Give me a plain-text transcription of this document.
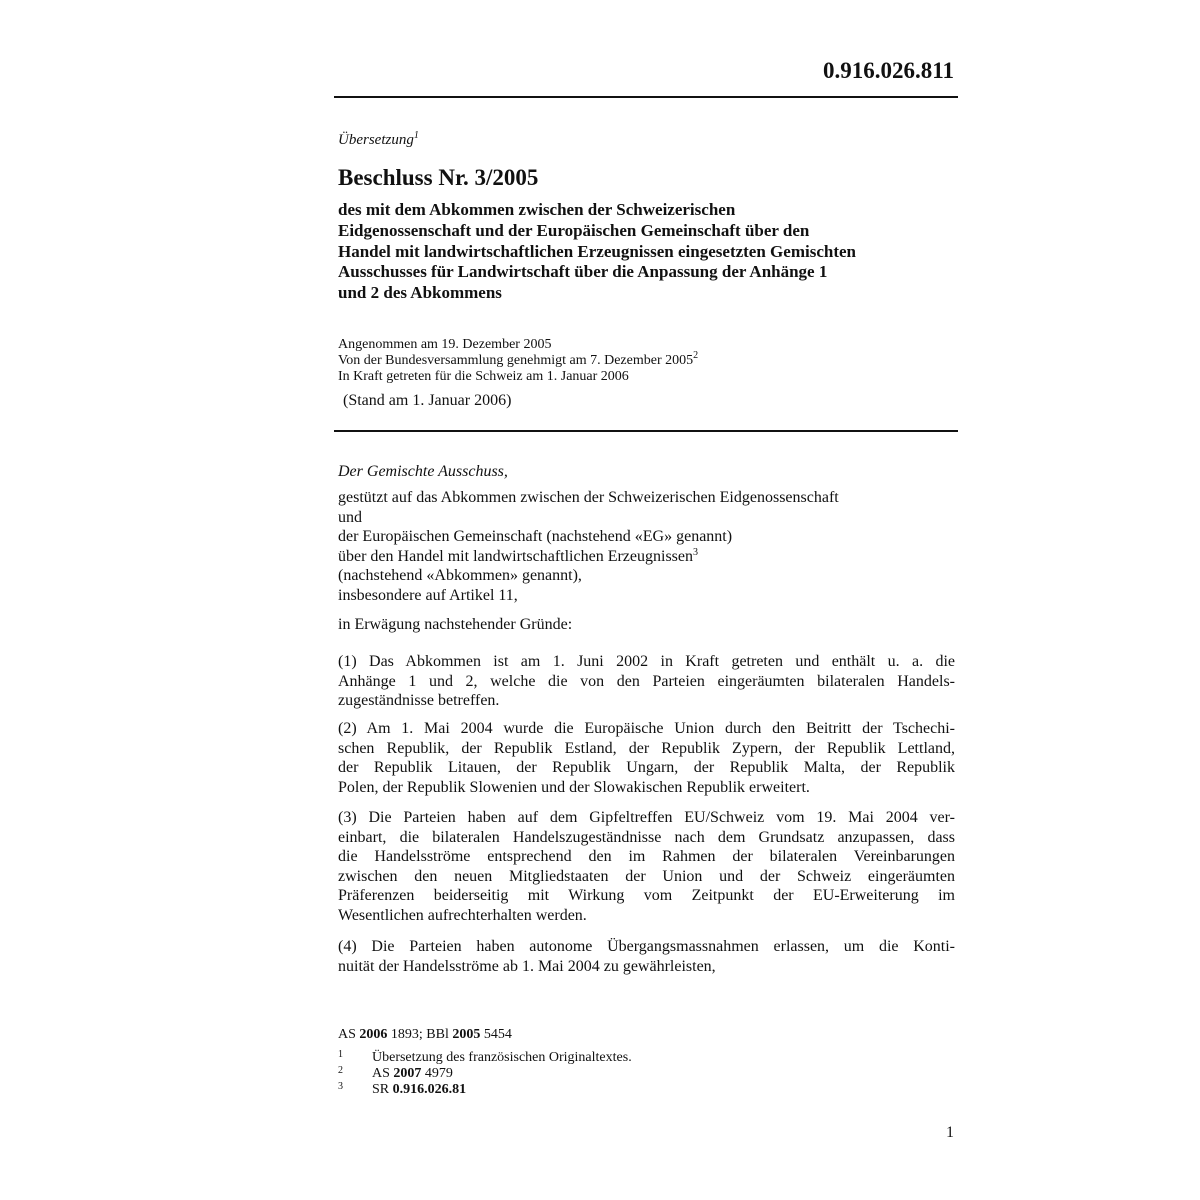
0.916.026.811
Übersetzung$^1$
Beschluss Nr. 3/2005
des mit dem Abkommen zwischen der Schweizerischen
Eidgenossenschaft und der Europäischen Gemeinschaft über den
Handel mit landwirtschaftlichen Erzeugnissen eingesetzten Gemischten
Ausschusses für Landwirtschaft über die Anpassung der Anhänge 1
und 2 des Abkommens
Angenommen am 19. Dezember 2005
Von der Bundesversammlung genehmigt am 7. Dezember 2005$^2$
In Kraft getreten für die Schweiz am 1. Januar 2006
(Stand am 1. Januar 2006)
Der Gemischte Ausschuss,
gestützt auf das Abkommen zwischen der Schweizerischen Eidgenossenschaft
und
der Europäischen Gemeinschaft (nachstehend «EG» genannt)
über den Handel mit landwirtschaftlichen Erzeugnissen$^3$
(nachstehend «Abkommen» genannt),
insbesondere auf Artikel 11,
in Erwägung nachstehender Gründe:
(1) Das Abkommen ist am 1. Juni 2002 in Kraft getreten und enthält u. a. die
Anhänge 1 und 2, welche die von den Parteien eingeräumten bilateralen Handels-
zugeständnisse betreffen.
(2) Am 1. Mai 2004 wurde die Europäische Union durch den Beitritt der Tschechi-
schen Republik, der Republik Estland, der Republik Zypern, der Republik Lettland,
der Republik Litauen, der Republik Ungarn, der Republik Malta, der Republik
Polen, der Republik Slowenien und der Slowakischen Republik erweitert.
(3) Die Parteien haben auf dem Gipfeltreffen EU/Schweiz vom 19. Mai 2004 ver-
einbart, die bilateralen Handelszugeständnisse nach dem Grundsatz anzupassen, dass
die Handelsströme entsprechend den im Rahmen der bilateralen Vereinbarungen
zwischen den neuen Mitgliedstaaten der Union und der Schweiz eingeräumten
Präferenzen beiderseitig mit Wirkung vom Zeitpunkt der EU-Erweiterung im
Wesentlichen aufrechterhalten werden.
(4) Die Parteien haben autonome Übergangsmassnahmen erlassen, um die Konti-
nuität der Handelsströme ab 1. Mai 2004 zu gewährleisten,
AS 2006 1893; BBl 2005 5454
1 Übersetzung des französischen Originaltextes.
2 AS 2007 4979
3 SR 0.916.026.81
1
